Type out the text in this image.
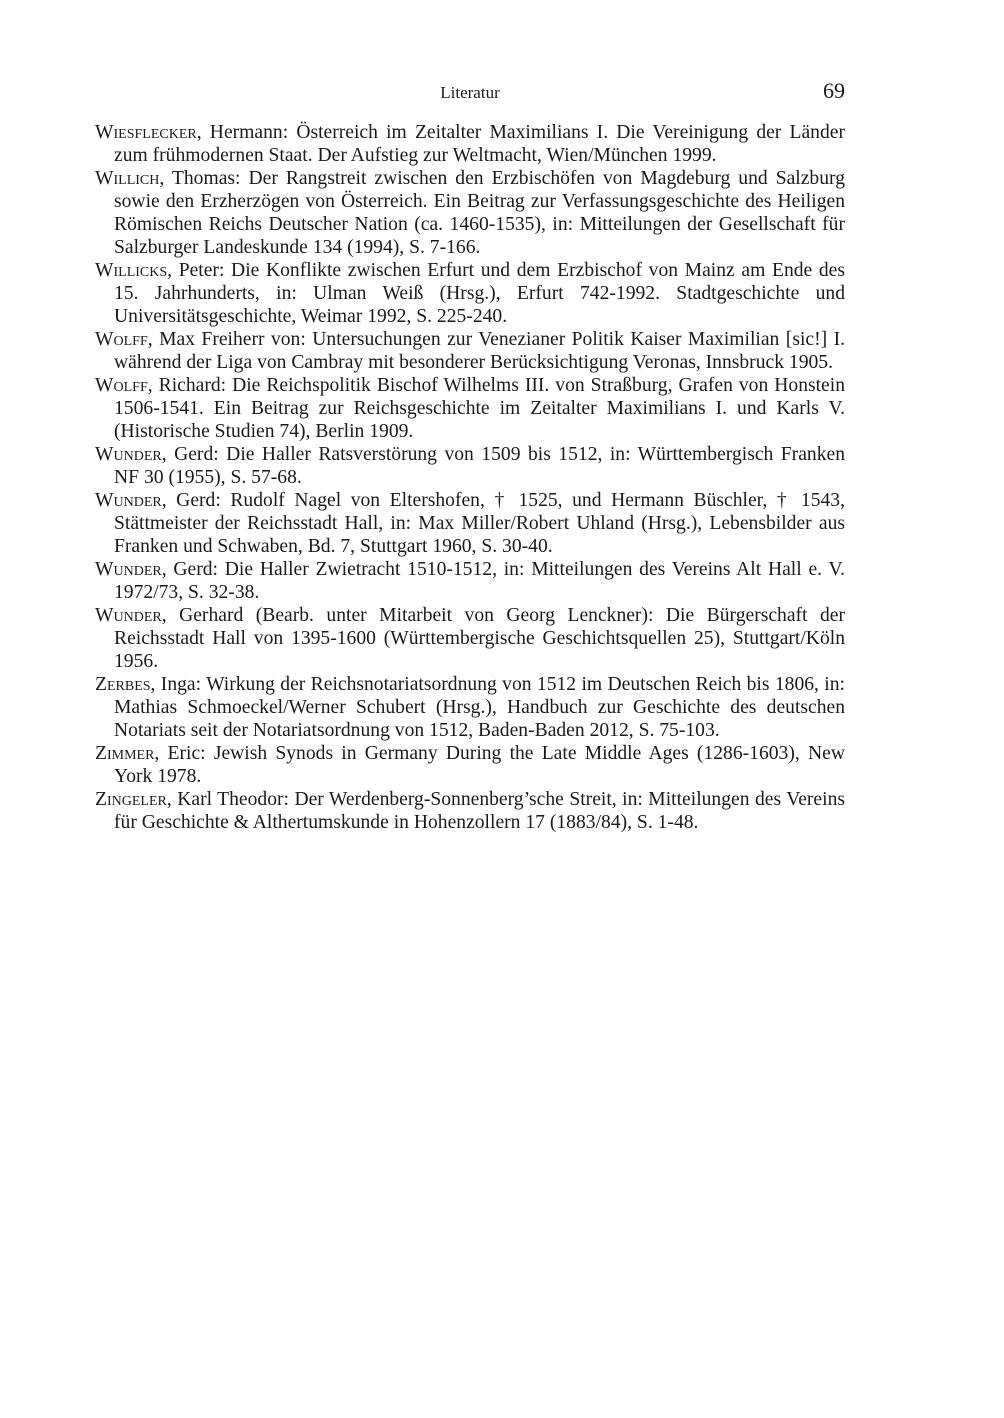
Literatur	69
Wiesflecker, Hermann: Österreich im Zeitalter Maximilians I. Die Vereinigung der Länder zum frühmodernen Staat. Der Aufstieg zur Weltmacht, Wien/München 1999.
Willich, Thomas: Der Rangstreit zwischen den Erzbischöfen von Magdeburg und Salzburg sowie den Erzherzögen von Österreich. Ein Beitrag zur Verfassungsgeschichte des Heiligen Römischen Reichs Deutscher Nation (ca. 1460-1535), in: Mitteilungen der Gesellschaft für Salzburger Landeskunde 134 (1994), S. 7-166.
Willicks, Peter: Die Konflikte zwischen Erfurt und dem Erzbischof von Mainz am Ende des 15. Jahrhunderts, in: Ulman Weiß (Hrsg.), Erfurt 742-1992. Stadtgeschichte und Universitätsgeschichte, Weimar 1992, S. 225-240.
Wolff, Max Freiherr von: Untersuchungen zur Venezianer Politik Kaiser Maximilian [sic!] I. während der Liga von Cambray mit besonderer Berücksichtigung Veronas, Innsbruck 1905.
Wolff, Richard: Die Reichspolitik Bischof Wilhelms III. von Straßburg, Grafen von Honstein 1506-1541. Ein Beitrag zur Reichsgeschichte im Zeitalter Maximilians I. und Karls V. (Historische Studien 74), Berlin 1909.
Wunder, Gerd: Die Haller Ratsverstörung von 1509 bis 1512, in: Württembergisch Franken NF 30 (1955), S. 57-68.
Wunder, Gerd: Rudolf Nagel von Eltershofen, † 1525, und Hermann Büschler, † 1543, Stättmeister der Reichsstadt Hall, in: Max Miller/Robert Uhland (Hrsg.), Lebensbilder aus Franken und Schwaben, Bd. 7, Stuttgart 1960, S. 30-40.
Wunder, Gerd: Die Haller Zwietracht 1510-1512, in: Mitteilungen des Vereins Alt Hall e. V. 1972/73, S. 32-38.
Wunder, Gerhard (Bearb. unter Mitarbeit von Georg Lenckner): Die Bürgerschaft der Reichsstadt Hall von 1395-1600 (Württembergische Geschichtsquellen 25), Stuttgart/Köln 1956.
Zerbes, Inga: Wirkung der Reichsnotariatsordnung von 1512 im Deutschen Reich bis 1806, in: Mathias Schmoeckel/Werner Schubert (Hrsg.), Handbuch zur Geschichte des deutschen Notariats seit der Notariatsordnung von 1512, Baden-Baden 2012, S. 75-103.
Zimmer, Eric: Jewish Synods in Germany During the Late Middle Ages (1286-1603), New York 1978.
Zingeler, Karl Theodor: Der Werdenberg-Sonnenberg’sche Streit, in: Mitteilungen des Vereins für Geschichte & Althertumskunde in Hohenzollern 17 (1883/84), S. 1-48.
